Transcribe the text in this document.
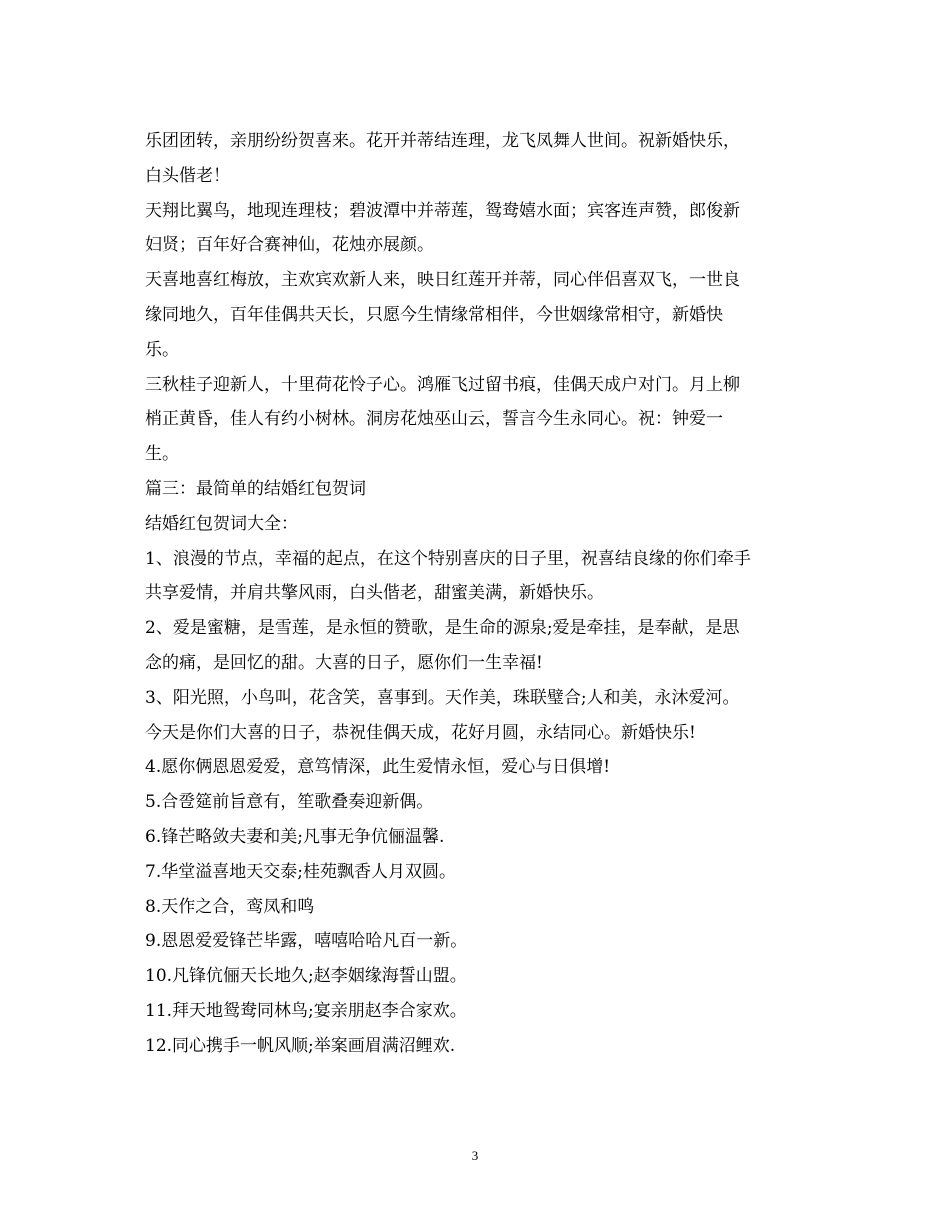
乐团团转，亲朋纷纷贺喜来。花开并蒂结连理，龙飞凤舞人世间。祝新婚快乐，
白头偕老！
天翔比翼鸟，地现连理枝；碧波潭中并蒂莲，鸳鸯嬉水面；宾客连声赞，郎俊新
妇贤；百年好合赛神仙，花烛亦展颜。
天喜地喜红梅放，主欢宾欢新人来，映日红莲开并蒂，同心伴侣喜双飞，一世良
缘同地久，百年佳偶共天长，只愿今生情缘常相伴，今世姻缘常相守，新婚快
乐。
三秋桂子迎新人，十里荷花怜子心。鸿雁飞过留书痕，佳偶天成户对门。月上柳
梢正黄昏，佳人有约小树林。洞房花烛巫山云，誓言今生永同心。祝：钟爱一
生。
篇三：最简单的结婚红包贺词
结婚红包贺词大全：
1、浪漫的节点，幸福的起点，在这个特别喜庆的日子里，祝喜结良缘的你们牵手
共享爱情，并肩共擎风雨，白头偕老，甜蜜美满，新婚快乐。
2、爱是蜜糖，是雪莲，是永恒的赞歌，是生命的源泉;爱是牵挂，是奉献，是思
念的痛，是回忆的甜。大喜的日子，愿你们一生幸福!
3、阳光照，小鸟叫，花含笑，喜事到。天作美，珠联璧合;人和美，永沐爱河。
今天是你们大喜的日子，恭祝佳偶天成，花好月圆，永结同心。新婚快乐!
4.愿你俩恩恩爱爱，意笃情深，此生爱情永恒，爱心与日俱增!
5.合卺筵前旨意有，笙歌叠奏迎新偶。
6.锋芒略敛夫妻和美;凡事无争伉俪温馨.
7.华堂溢喜地天交泰;桂苑飘香人月双圆。
8.天作之合，鸾凤和鸣
9.恩恩爱爱锋芒毕露，嘻嘻哈哈凡百一新。
10.凡锋伉俪天长地久;赵李姻缘海誓山盟。
11.拜天地鸳鸯同林鸟;宴亲朋赵李合家欢。
12.同心携手一帆风顺;举案画眉满沼鲤欢.
3
